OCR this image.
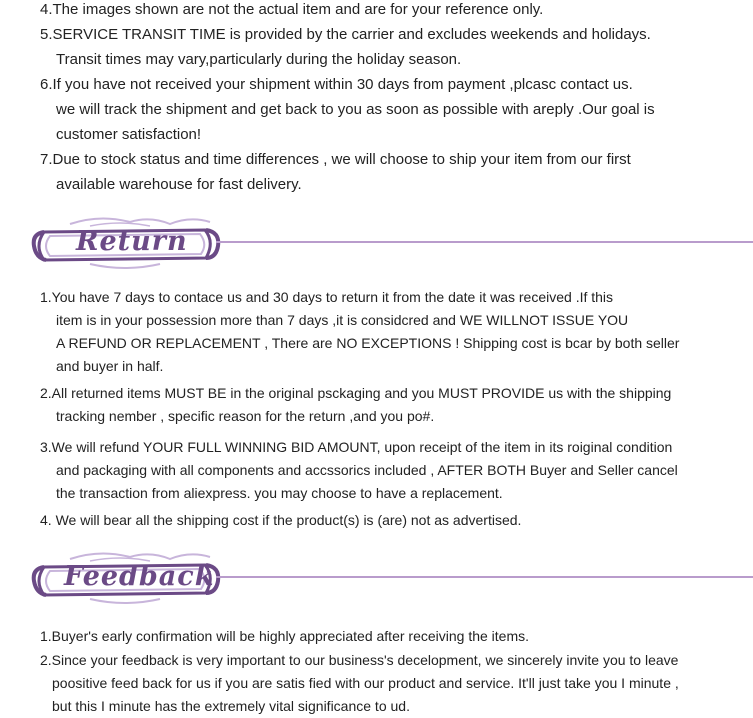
4.The images shown are not the actual item and are for your reference only.
5.SERVICE TRANSIT TIME is provided by the carrier and excludes weekends and holidays.
Transit times may vary,particularly during the holiday season.
6.If you have not received your shipment within 30 days from payment ,plcasc contact us.
we will track the shipment and get back to you as soon as possible with areply .Our goal is
customer satisfaction!
7.Due to stock status and time differences , we will choose to ship your item from our first
available warehouse for fast delivery.
Return
1.You have 7 days to contace us and 30 days to return it from the date it was received .If this
item is in your possession more than 7 days ,it is considcred and WE WILLNOT ISSUE YOU
A REFUND OR REPLACEMENT , There are NO EXCEPTIONS ! Shipping cost is bcar by both seller
and buyer in half.
2.All returned items MUST BE in the original psckaging and you MUST PROVIDE us with the shipping
tracking nember , specific reason for the return ,and you po#.
3.We will refund YOUR FULL WINNING BID AMOUNT, upon receipt of the item in its roiginal condition
and packaging with all components and accssorics included , AFTER BOTH Buyer and Seller cancel
the transaction from aliexpress. you may choose to have a replacement.
4. We will bear all the shipping cost if the product(s) is (are) not as advertised.
Feedback
1.Buyer's early confirmation will be highly appreciated after receiving the items.
2.Since your feedback is very important to our business's decelopment, we sincerely invite you to leave
poositive feed back for us if you are satis fied with our product and service. It'll just take you I minute ,
but this I minute has the extremely vital significance to ud.
